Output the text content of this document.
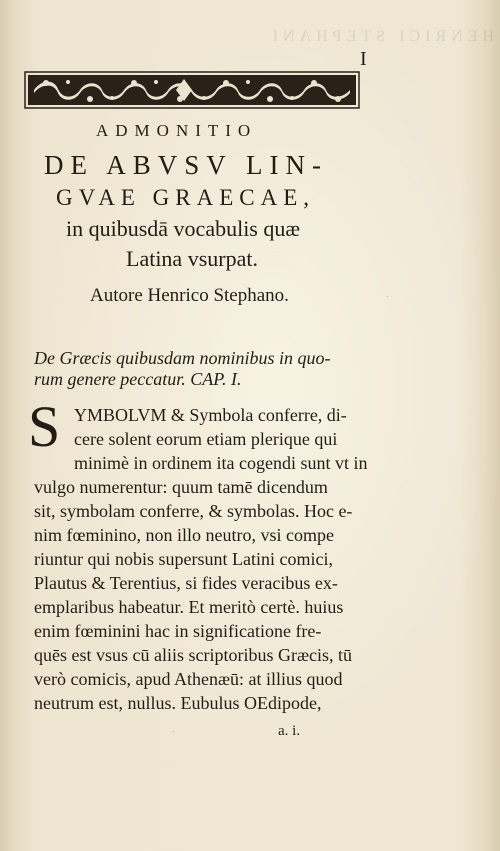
HENRICI STEPHANI
I
ADMONITIO
DE ABVSV LIN-
GVAE GRAECAE,
in quibusdā vocabulis quæ
Latina vsurpat.
Autore Henrico Stephano.
De Græcis quibusdam nominibus in quo-
rum genere peccatur. CAP. I.
S YMBOLVM & Symbola conferre, di-
cere solent eorum etiam plerique qui
minimè in ordinem ita cogendi sunt vt in
vulgo numerentur: quum tamē dicendum
sit, symbolam conferre, & symbolas. Hoc e-
nim fœminino, non illo neutro, vsi compe
riuntur qui nobis supersunt Latini comici,
Plautus & Terentius, si fides veracibus ex-
emplaribus habeatur. Et meritò certè. huius
enim fœminini hac in significatione fre-
quēs est vsus cū aliis scriptoribus Græcis, tū
verò comicis, apud Athenæū: at illius quod
neutrum est, nullus. Eubulus OEdipode,
a. i.
·
·
